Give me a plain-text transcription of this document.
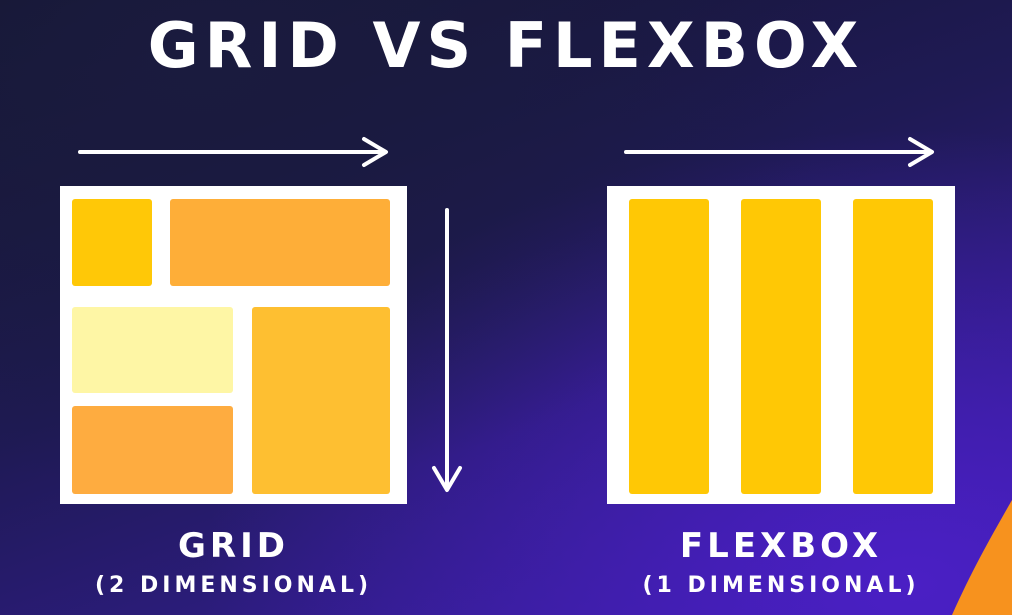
GRID VS FLEXBOX

GRID

(2 DIMENSIONAL)

FLEXBOX

(1 DIMENSIONAL)
